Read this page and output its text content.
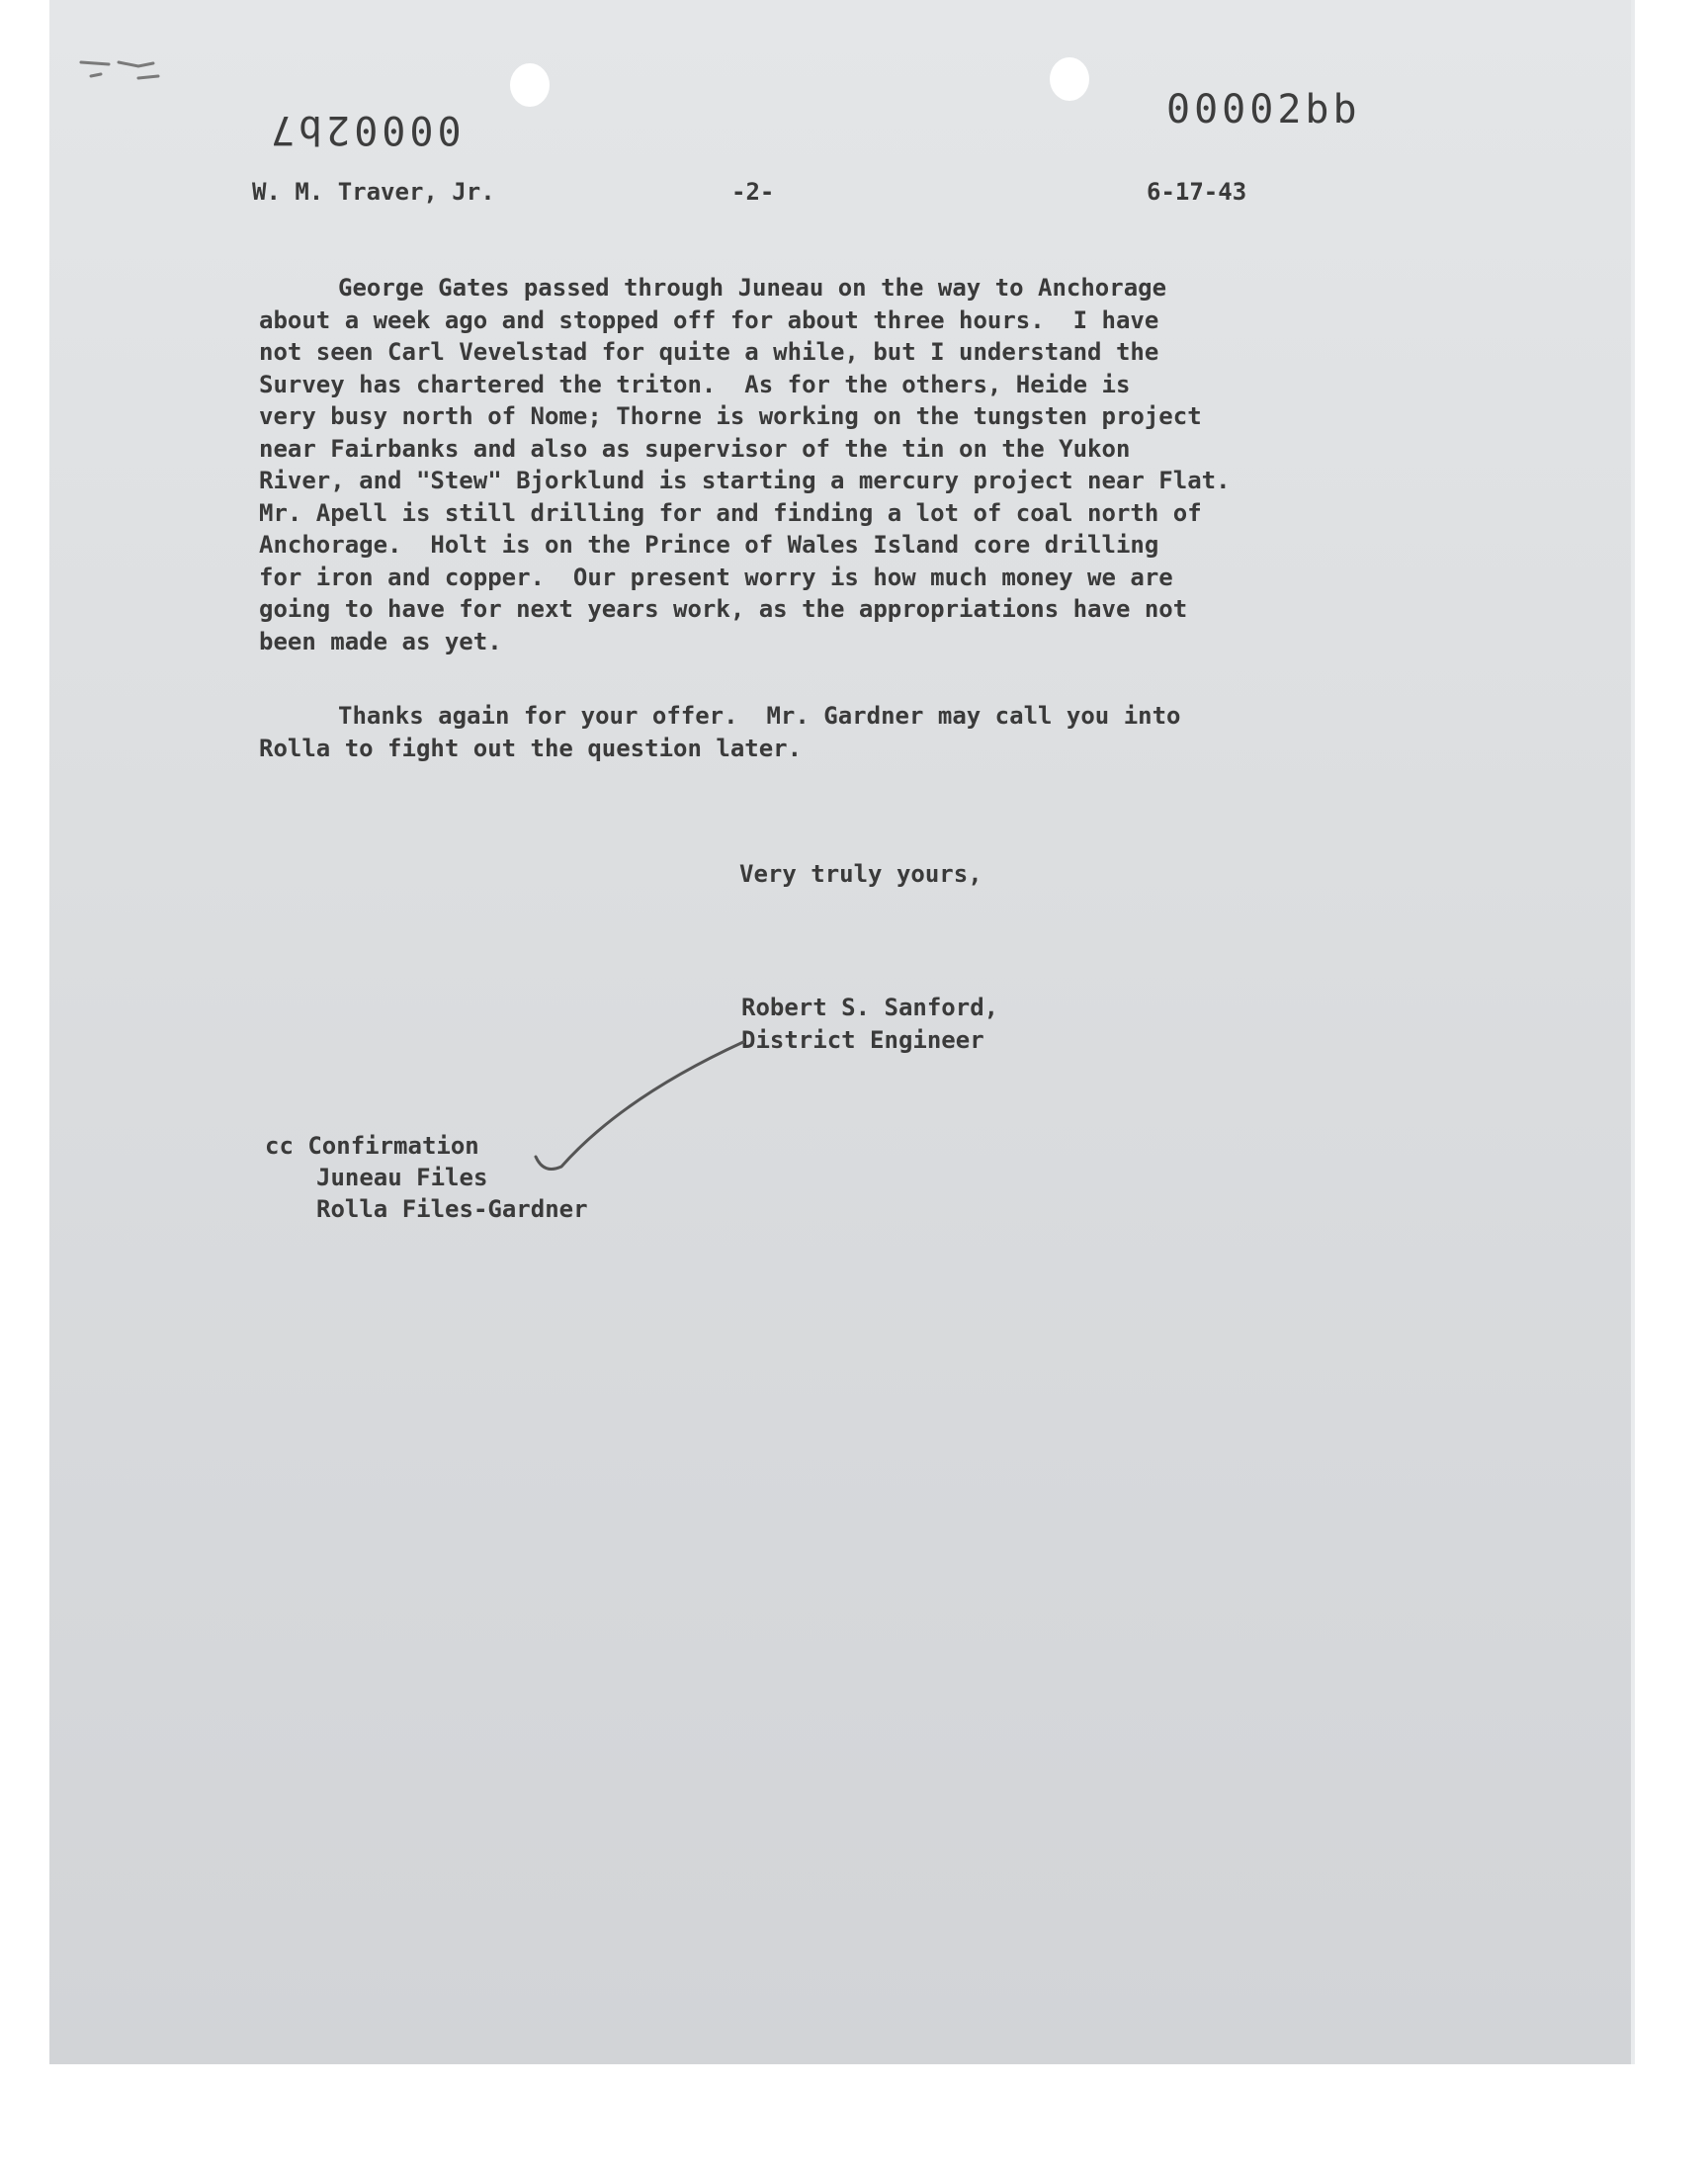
00002b7	00002bb
W. M. Traver, Jr.	-2-	6-17-43
George Gates passed through Juneau on the way to Anchorage
about a week ago and stopped off for about three hours.  I have
not seen Carl Vevelstad for quite a while, but I understand the
Survey has chartered the triton.  As for the others, Heide is
very busy north of Nome; Thorne is working on the tungsten project
near Fairbanks and also as supervisor of the tin on the Yukon
River, and "Stew" Bjorklund is starting a mercury project near Flat.
Mr. Apell is still drilling for and finding a lot of coal north of
Anchorage.  Holt is on the Prince of Wales Island core drilling
for iron and copper.  Our present worry is how much money we are
going to have for next years work, as the appropriations have not
been made as yet.
Thanks again for your offer.  Mr. Gardner may call you into
Rolla to fight out the question later.
Very truly yours,
Robert S. Sanford,
District Engineer
cc Confirmation
Juneau Files
Rolla Files-Gardner
